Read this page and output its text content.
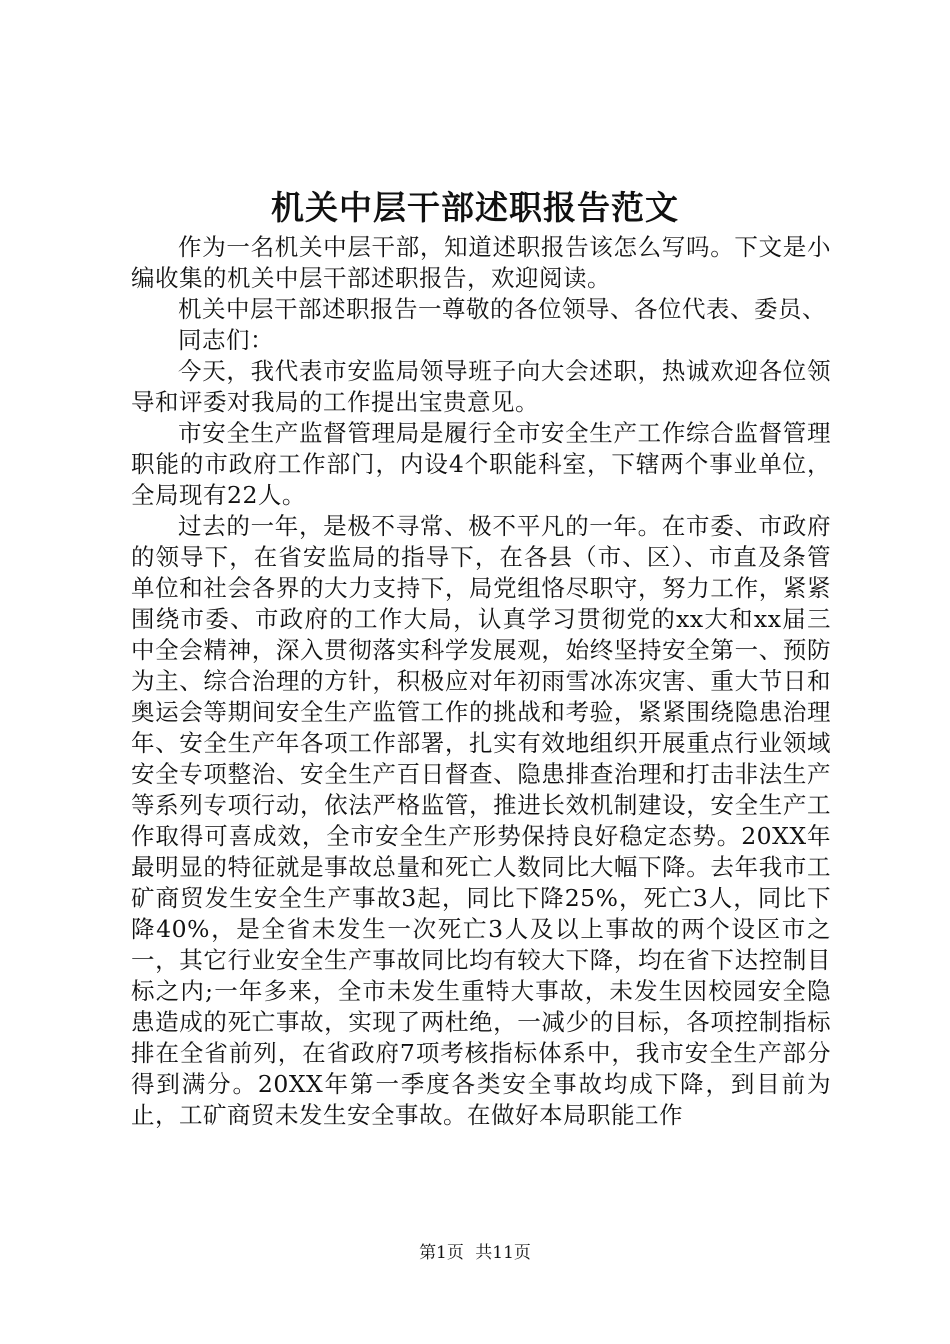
机关中层干部述职报告范文

作为一名机关中层干部，知道述职报告该怎么写吗。下文是小编收集的机关中层干部述职报告，欢迎阅读。

机关中层干部述职报告一尊敬的各位领导、各位代表、委员、

同志们：

今天，我代表市安监局领导班子向大会述职，热诚欢迎各位领导和评委对我局的工作提出宝贵意见。

市安全生产监督管理局是履行全市安全生产工作综合监督管理职能的市政府工作部门，内设4个职能科室，下辖两个事业单位，全局现有22人。

过去的一年，是极不寻常、极不平凡的一年。在市委、市政府的领导下，在省安监局的指导下，在各县（市、区）、市直及条管单位和社会各界的大力支持下，局党组恪尽职守，努力工作，紧紧围绕市委、市政府的工作大局，认真学习贯彻党的xx大和xx届三中全会精神，深入贯彻落实科学发展观，始终坚持安全第一、预防为主、综合治理的方针，积极应对年初雨雪冰冻灾害、重大节日和奥运会等期间安全生产监管工作的挑战和考验，紧紧围绕隐患治理年、安全生产年各项工作部署，扎实有效地组织开展重点行业领域安全专项整治、安全生产百日督查、隐患排查治理和打击非法生产等系列专项行动，依法严格监管，推进长效机制建设，安全生产工作取得可喜成效，全市安全生产形势保持良好稳定态势。20XX年最明显的特征就是事故总量和死亡人数同比大幅下降。去年我市工矿商贸发生安全生产事故3起，同比下降25%，死亡3人，同比下降40%，是全省未发生一次死亡3人及以上事故的两个设区市之一，其它行业安全生产事故同比均有较大下降，均在省下达控制目标之内;一年多来，全市未发生重特大事故，未发生因校园安全隐患造成的死亡事故，实现了两杜绝，一减少的目标，各项控制指标排在全省前列，在省政府7项考核指标体系中，我市安全生产部分得到满分。20XX年第一季度各类安全事故均成下降，到目前为止，工矿商贸未发生安全事故。在做好本局职能工作

第1页 共11页
